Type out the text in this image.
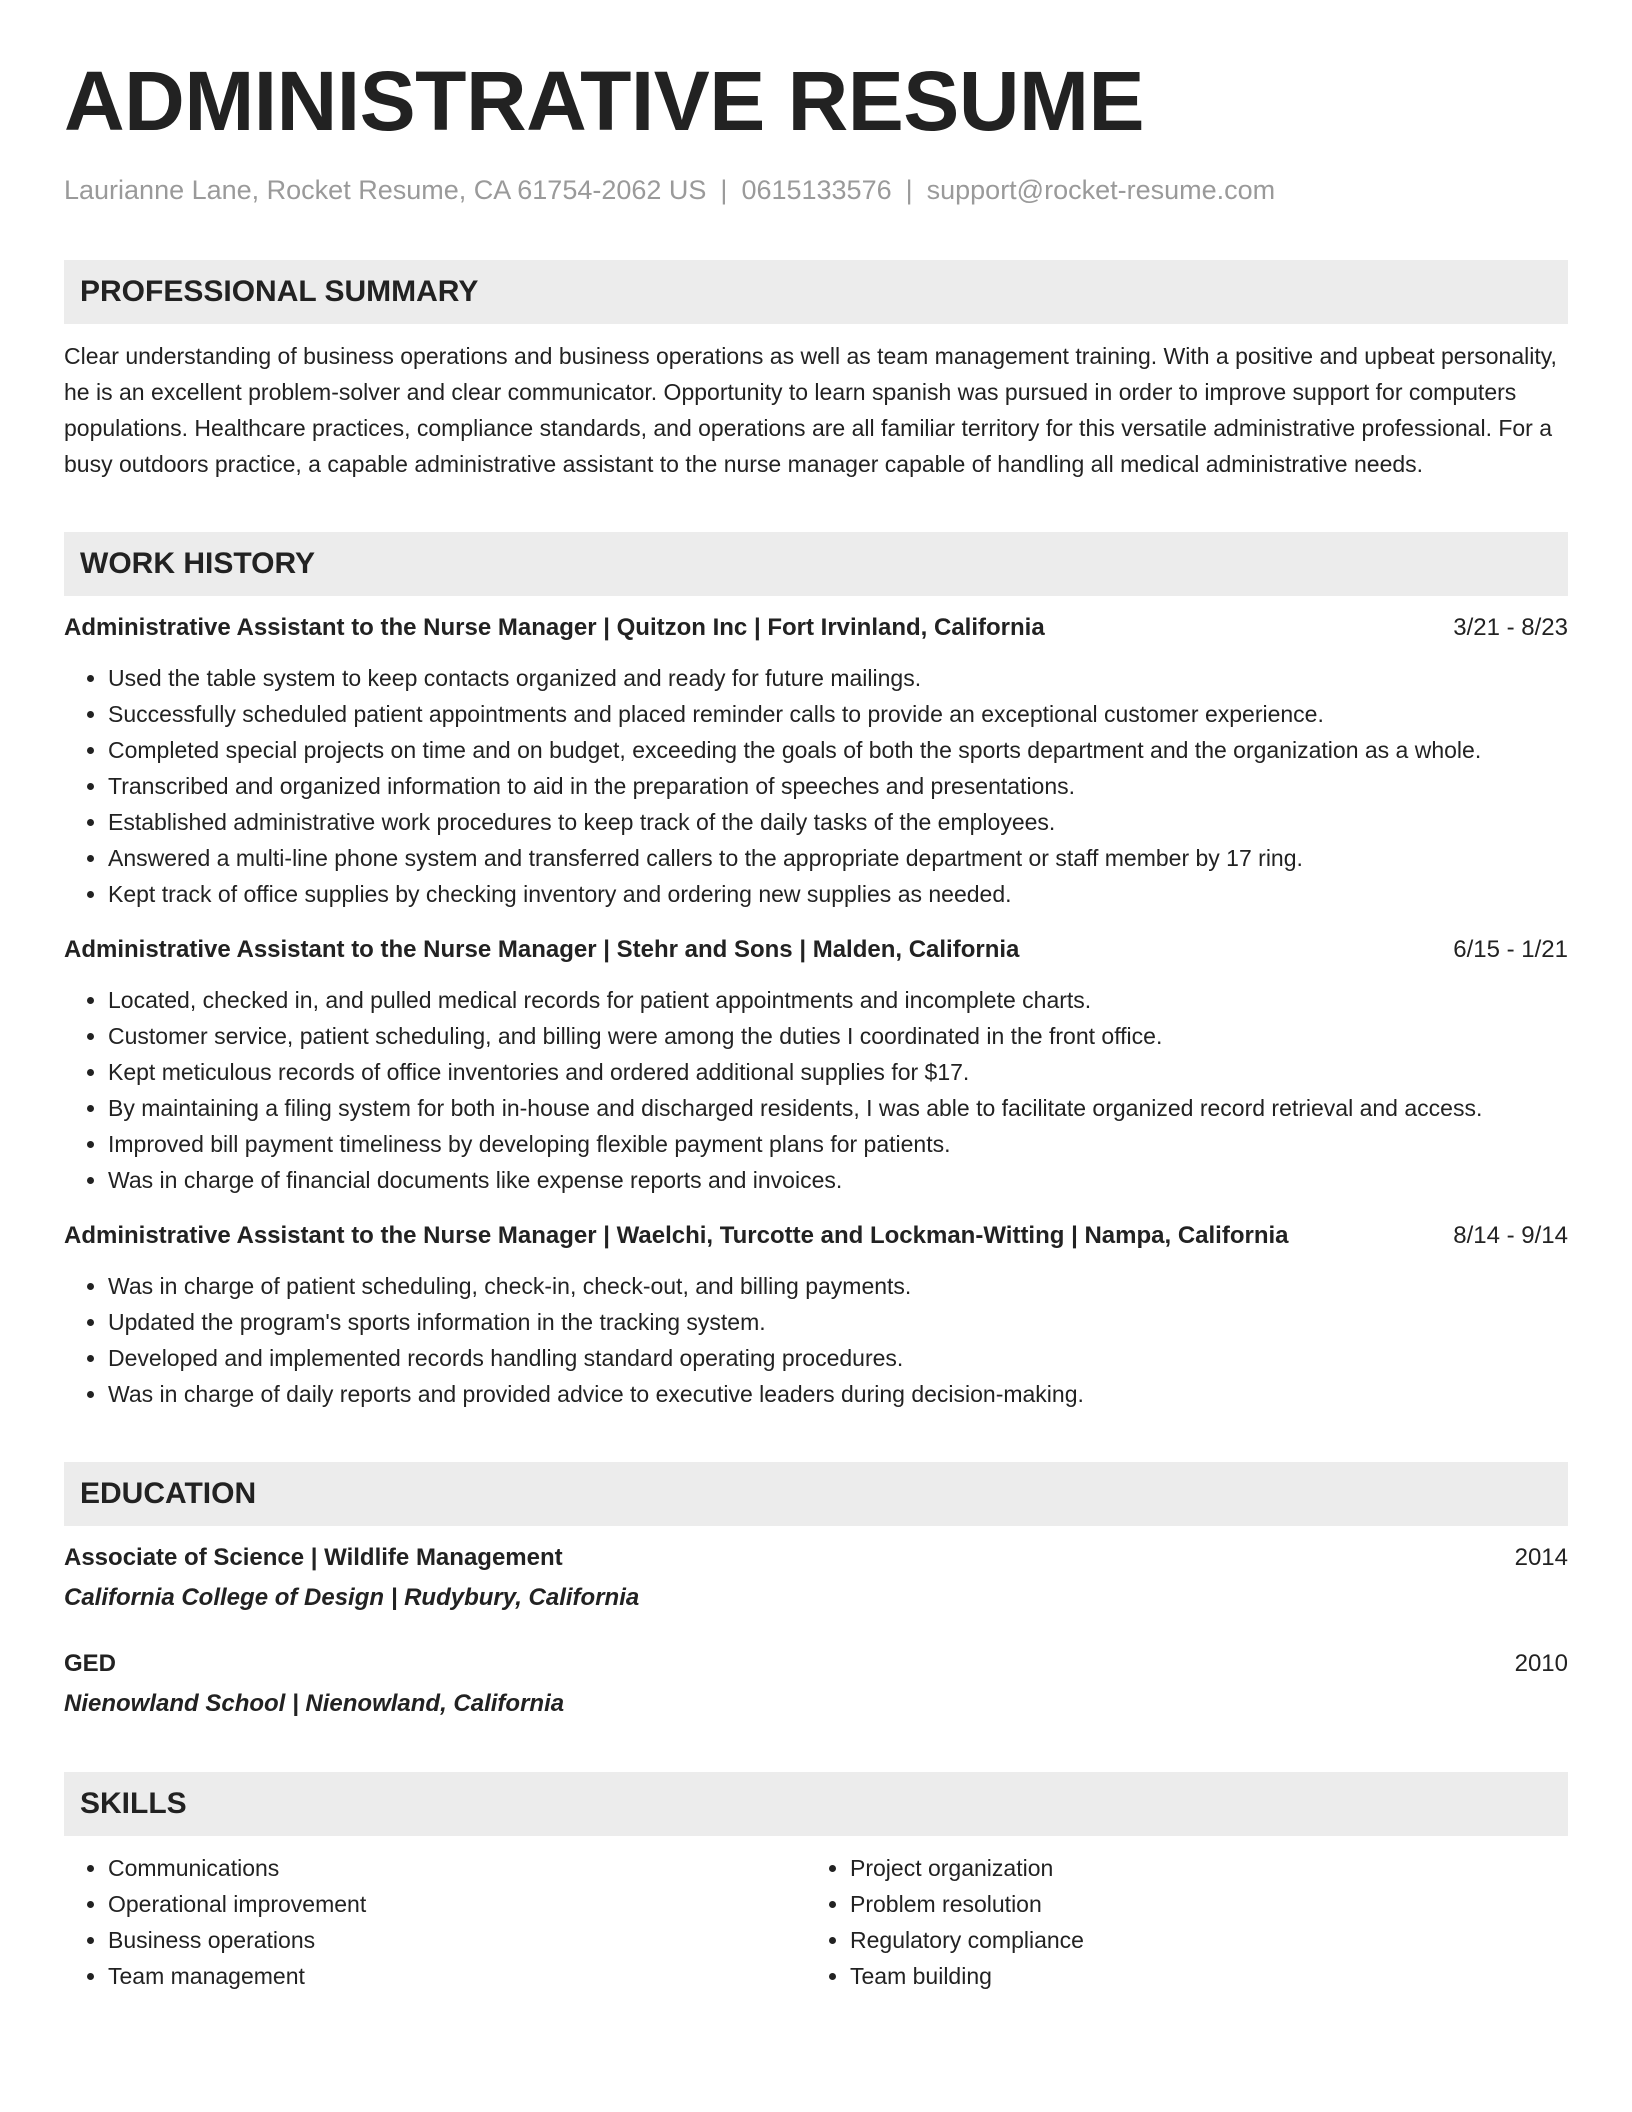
ADMINISTRATIVE RESUME
Laurianne Lane, Rocket Resume, CA 61754-2062 US | 0615133576 | support@rocket-resume.com
PROFESSIONAL SUMMARY

Clear understanding of business operations and business operations as well as team management training. With a positive and upbeat personality, he is an excellent problem-solver and clear communicator. Opportunity to learn spanish was pursued in order to improve support for computers populations. Healthcare practices, compliance standards, and operations are all familiar territory for this versatile administrative professional. For a busy outdoors practice, a capable administrative assistant to the nurse manager capable of handling all medical administrative needs.

WORK HISTORY
Administrative Assistant to the Nurse Manager | Quitzon Inc | Fort Irvinland, California	3/21 - 8/23
• Used the table system to keep contacts organized and ready for future mailings.
• Successfully scheduled patient appointments and placed reminder calls to provide an exceptional customer experience.
• Completed special projects on time and on budget, exceeding the goals of both the sports department and the organization as a whole.
• Transcribed and organized information to aid in the preparation of speeches and presentations.
• Established administrative work procedures to keep track of the daily tasks of the employees.
• Answered a multi-line phone system and transferred callers to the appropriate department or staff member by 17 ring.
• Kept track of office supplies by checking inventory and ordering new supplies as needed.
Administrative Assistant to the Nurse Manager | Stehr and Sons | Malden, California	6/15 - 1/21
• Located, checked in, and pulled medical records for patient appointments and incomplete charts.
• Customer service, patient scheduling, and billing were among the duties I coordinated in the front office.
• Kept meticulous records of office inventories and ordered additional supplies for $17.
• By maintaining a filing system for both in-house and discharged residents, I was able to facilitate organized record retrieval and access.
• Improved bill payment timeliness by developing flexible payment plans for patients.
• Was in charge of financial documents like expense reports and invoices.
Administrative Assistant to the Nurse Manager | Waelchi, Turcotte and Lockman-Witting | Nampa, California	8/14 - 9/14
• Was in charge of patient scheduling, check-in, check-out, and billing payments.
• Updated the program's sports information in the tracking system.
• Developed and implemented records handling standard operating procedures.
• Was in charge of daily reports and provided advice to executive leaders during decision-making.
EDUCATION
Associate of Science | Wildlife Management	2014
California College of Design | Rudybury, California
GED	2010
Nienowland School | Nienowland, California
SKILLS
• Communications
• Operational improvement
• Business operations
• Team management
• Project organization
• Problem resolution
• Regulatory compliance
• Team building
